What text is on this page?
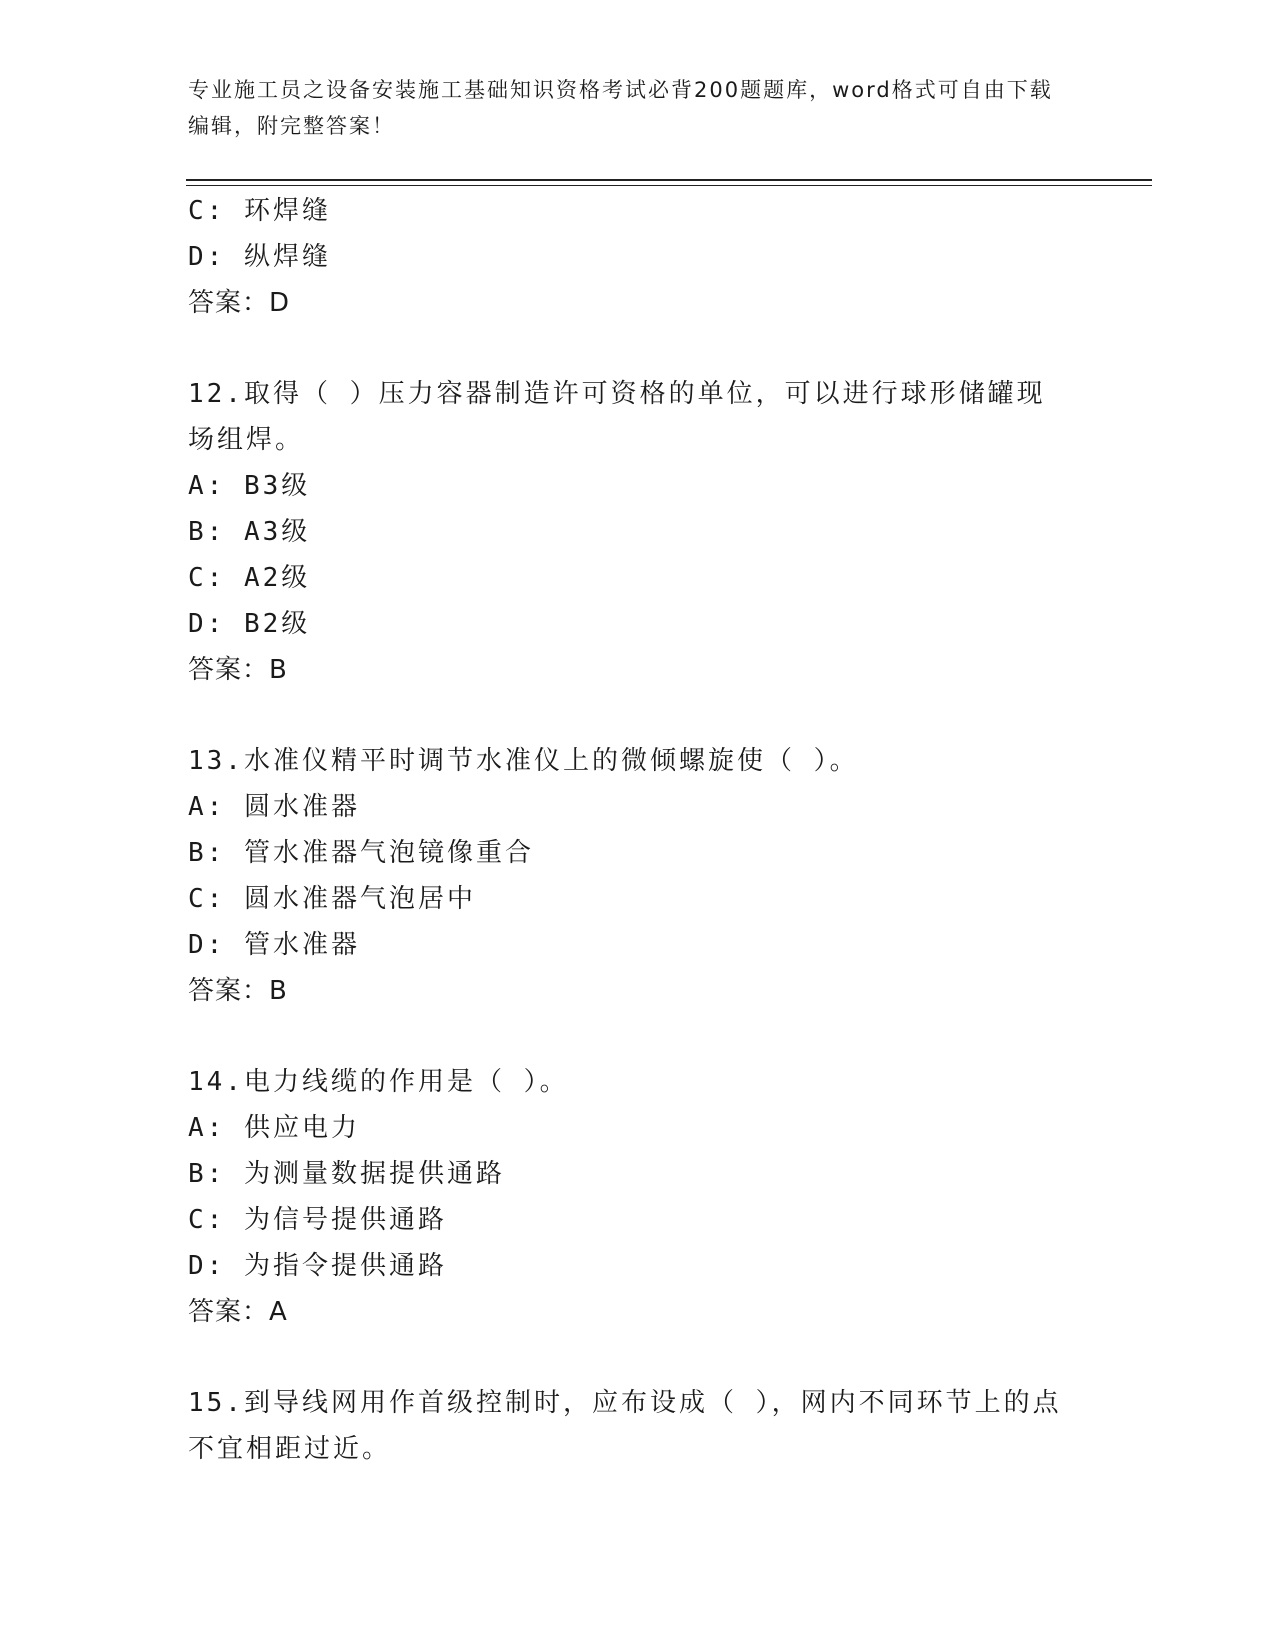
专业施工员之设备安装施工基础知识资格考试必背200题题库，word格式可自由下载编辑，附完整答案！

C: 环焊缝
D: 纵焊缝
答案：D
12.取得（ ）压力容器制造许可资格的单位，可以进行球形储罐现场组焊。
A: B3级
B: A3级
C: A2级
D: B2级
答案：B
13.水准仪精平时调节水准仪上的微倾螺旋使（ ）。
A: 圆水准器
B: 管水准器气泡镜像重合
C: 圆水准器气泡居中
D: 管水准器
答案：B
14.电力线缆的作用是（ ）。
A: 供应电力
B: 为测量数据提供通路
C: 为信号提供通路
D: 为指令提供通路
答案：A
15.到导线网用作首级控制时，应布设成（ ），网内不同环节上的点不宜相距过近。
